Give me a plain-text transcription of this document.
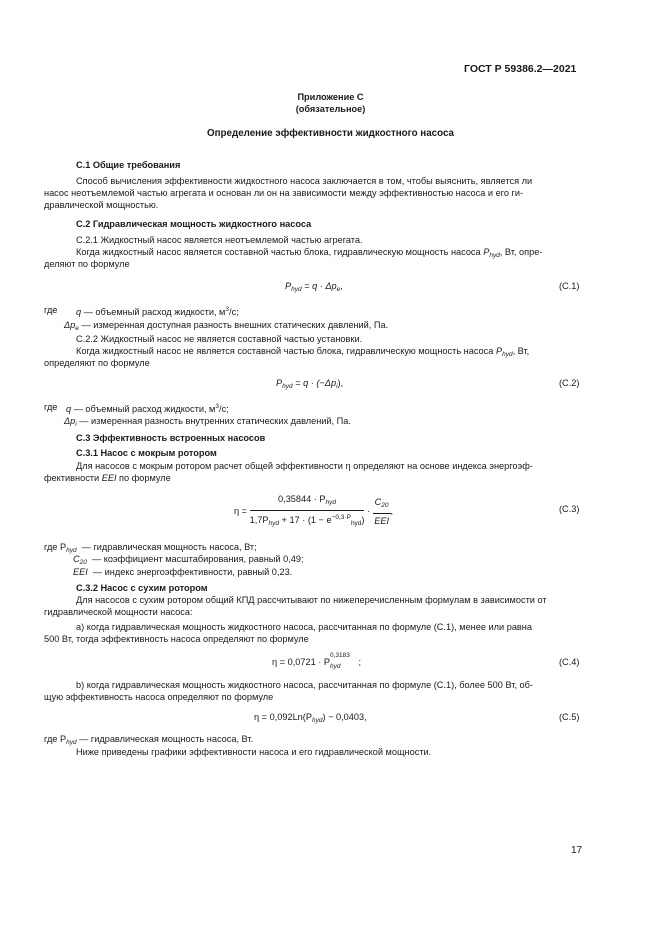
ГОСТ Р 59386.2—2021
Приложение С
(обязательное)
Определение эффективности жидкостного насоса
С.1 Общие требования
Способ вычисления эффективности жидкостного насоса заключается в том, чтобы выяснить, является ли
насос неотъемлемой частью агрегата и основан ли он на зависимости между эффективностью насоса и его ги-
дравлической мощностью.
С.2 Гидравлическая мощность жидкостного насоса
С.2.1 Жидкостный насос является неотъемлемой частью агрегата.
Когда жидкостный насос является составной частью блока, гидравлическую мощность насоса $P_{hyd}$, Вт, опре-
деляют по формуле
$P_{hyd} = q \cdot \Delta p_e$,	(С.1)
где q — объемный расход жидкости, $м^3/с$;
$\Delta p_e$ — измеренная доступная разность внешних статических давлений, Па.
С.2.2 Жидкостный насос не является составной частью установки.
Когда жидкостный насос не является составной частью блока, гидравлическую мощность насоса $P_{hyd}$, Вт,
определяют по формуле
$P_{hyd} = q \cdot (-\Delta p_i)$,	(С.2)
где q — объемный расход жидкости, $м^3/с$;
$\Delta p_i$ — измеренная разность внутренних статических давлений, Па.
С.3 Эффективность встроенных насосов
С.3.1 Насос с мокрым ротором
Для насосов с мокрым ротором расчет общей эффективности η определяют на основе индекса энергоэф-
фективности EEI по формуле
$\eta = \frac{0,35844 \cdot P_{hyd}}{1,7P_{hyd} + 17 \cdot (1 - e^{-0,3\cdot P}_{hyd})} \cdot \frac{C_{20}}{\text{EEI}}$ ,	(С.3)
где $P_{hyd}$ — гидравлическая мощность насоса, Вт;
$C_{20}$ — коэффициент масштабирования, равный 0,49;
EEI — индекс энергоэффективности, равный 0,23.
С.3.2 Насос с сухим ротором
Для насосов с сухим ротором общий КПД рассчитывают по нижеперечисленным формулам в зависимости от
гидравлической мощности насоса:
а) когда гидравлическая мощность жидкостного насоса, рассчитанная по формуле (С.1), менее или равна
500 Вт, тогда эффективность насоса определяют по формуле
η = 0,0721 · P
0,3183
hyd ;	(С.4)
b) когда гидравлическая мощность жидкостного насоса, рассчитанная по формуле (С.1), более 500 Вт, об-
щую эффективность насоса определяют по формуле
$\eta = 0,092Ln(P_{hyd}) - 0,0403$,	(С.5)
где $P_{hyd}$ — гидравлическая мощность насоса, Вт.
Ниже приведены графики эффективности насоса и его гидравлической мощности.
17
